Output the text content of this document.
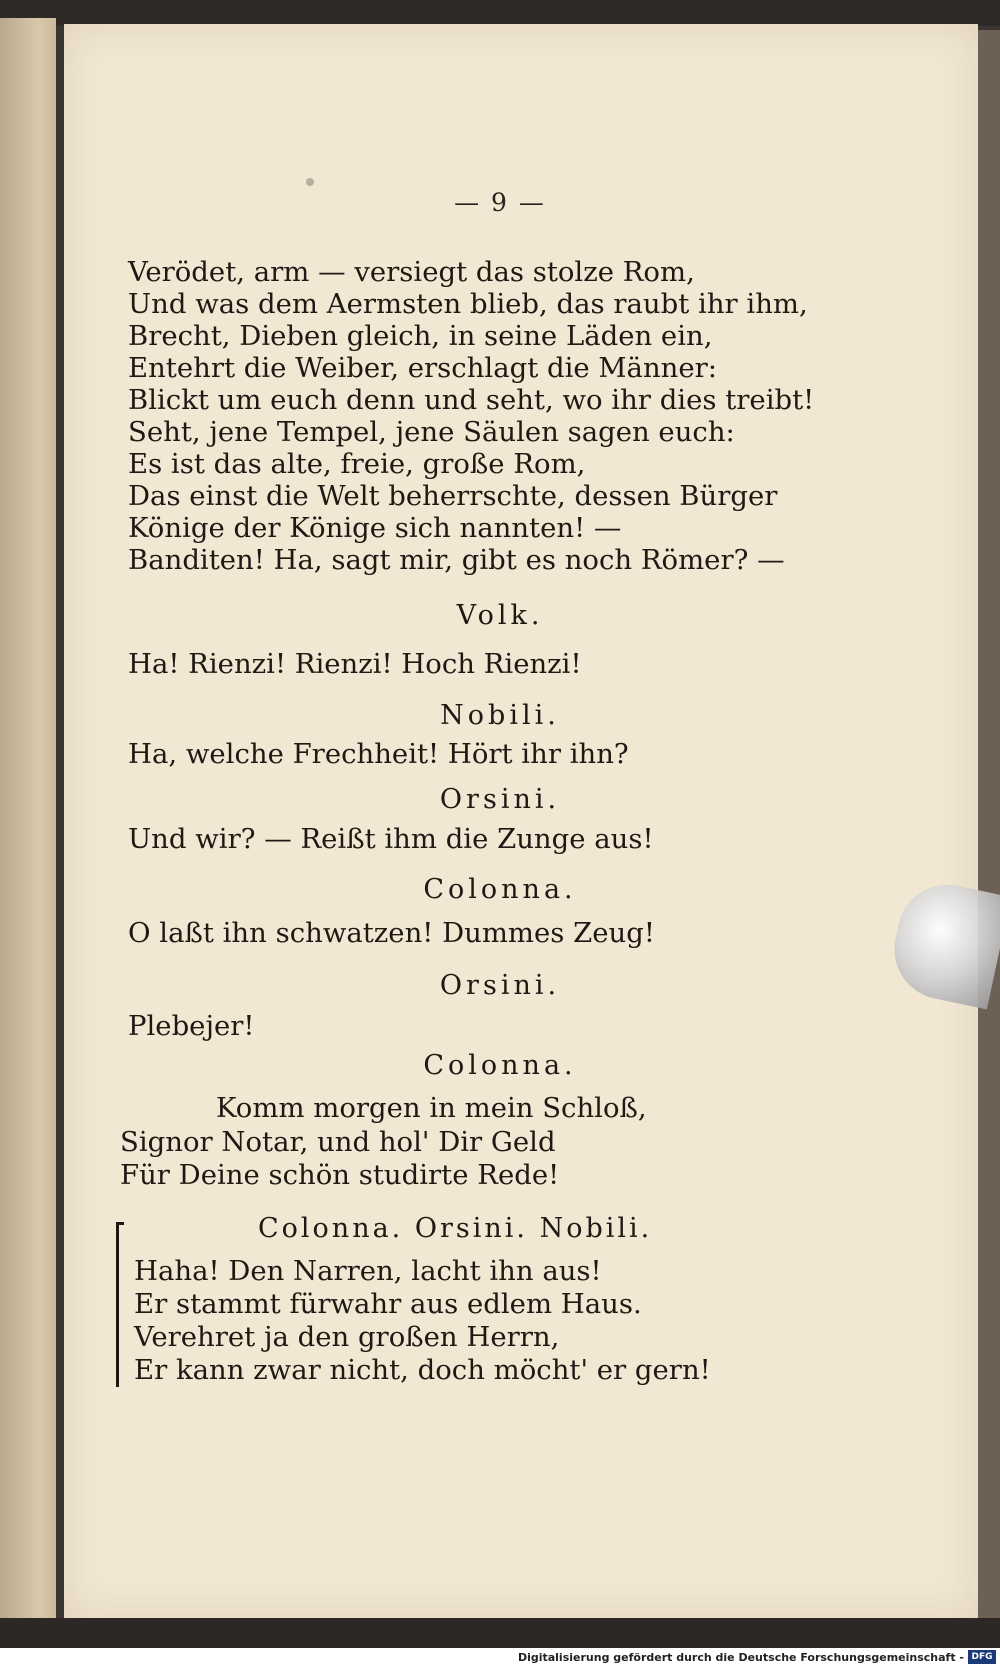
— 9 —
Verödet, arm — versiegt das stolze Rom,
Und was dem Aermsten blieb, das raubt ihr ihm,
Brecht, Dieben gleich, in seine Läden ein,
Entehrt die Weiber, erschlagt die Männer:
Blickt um euch denn und seht, wo ihr dies treibt!
Seht, jene Tempel, jene Säulen sagen euch:
Es ist das alte, freie, große Rom,
Das einst die Welt beherrschte, dessen Bürger
Könige der Könige sich nannten! —
Banditen! Ha, sagt mir, gibt es noch Römer? —
Volk.
Ha! Rienzi! Rienzi! Hoch Rienzi!
Nobili.
Ha, welche Frechheit! Hört ihr ihn?
Orsini.
Und wir? — Reißt ihm die Zunge aus!
Colonna.
O laßt ihn schwatzen! Dummes Zeug!
Orsini.
Plebejer!
Colonna.
Komm morgen in mein Schloß,
Signor Notar, und hol' Dir Geld
Für Deine schön studirte Rede!
Colonna. Orsini. Nobili.
Haha! Den Narren, lacht ihn aus!
Er stammt fürwahr aus edlem Haus.
Verehret ja den großen Herrn,
Er kann zwar nicht, doch möcht' er gern!
Digitalisierung gefördert durch die Deutsche Forschungsgemeinschaft - DFG
